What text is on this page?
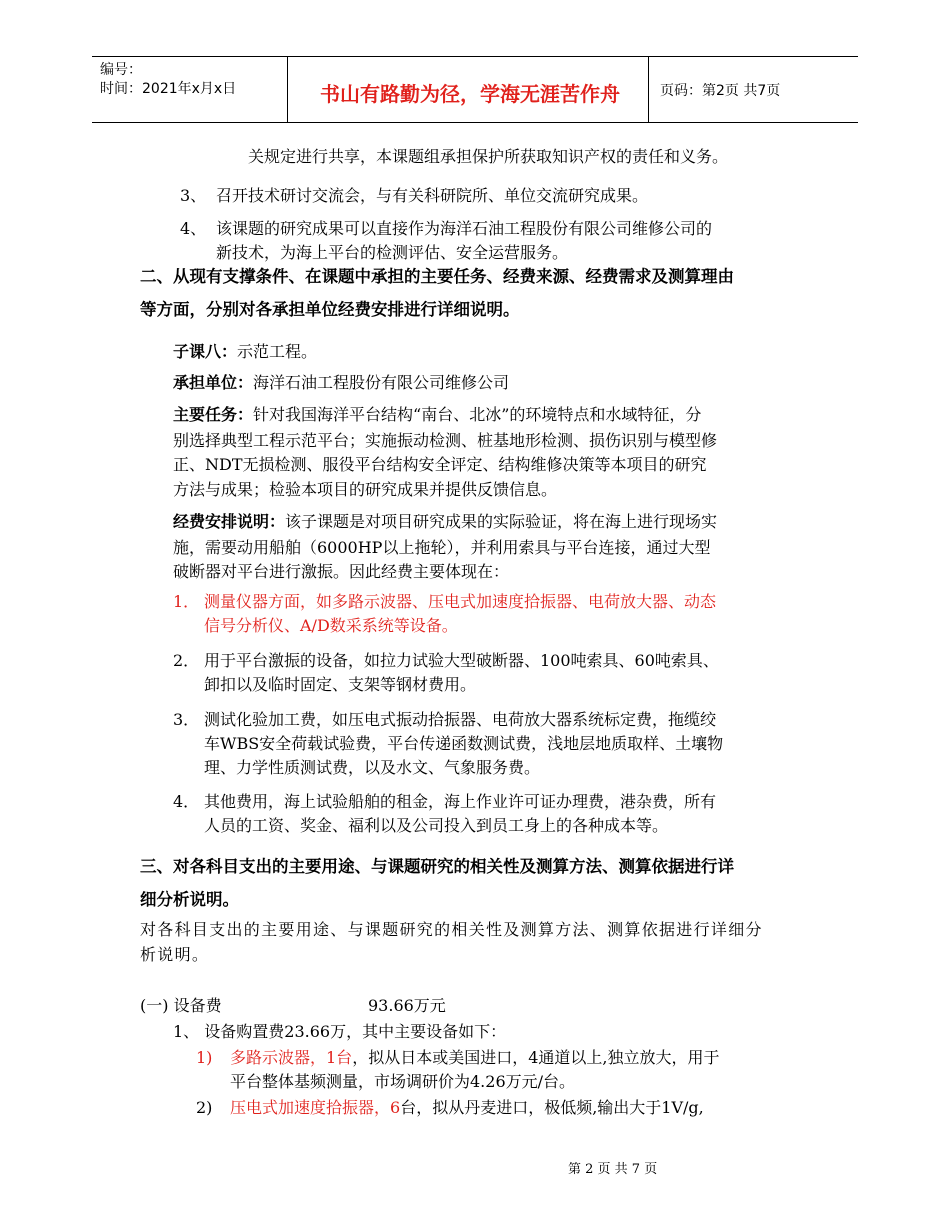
编号：
时间：2021年x月x日	书山有路勤为径，学海无涯苦作舟	页码：第2页 共7页
关规定进行共享，本课题组承担保护所获取知识产权的责任和义务。
3、 召开技术研讨交流会，与有关科研院所、单位交流研究成果。
4、 该课题的研究成果可以直接作为海洋石油工程股份有限公司维修公司的
新技术，为海上平台的检测评估、安全运营服务。
二、从现有支撑条件、在课题中承担的主要任务、经费来源、经费需求及测算理由
等方面，分别对各承担单位经费安排进行详细说明。
子课八：示范工程。
承担单位：海洋石油工程股份有限公司维修公司
主要任务：针对我国海洋平台结构“南台、北冰”的环境特点和水域特征，分
别选择典型工程示范平台；实施振动检测、桩基地形检测、损伤识别与模型修
正、NDT无损检测、服役平台结构安全评定、结构维修决策等本项目的研究
方法与成果；检验本项目的研究成果并提供反馈信息。
经费安排说明：该子课题是对项目研究成果的实际验证，将在海上进行现场实
施，需要动用船舶（6000HP以上拖轮），并利用索具与平台连接，通过大型
破断器对平台进行激振。因此经费主要体现在：
1． 测量仪器方面，如多路示波器、压电式加速度拾振器、电荷放大器、动态
信号分析仪、A/D数采系统等设备。
2． 用于平台激振的设备，如拉力试验大型破断器、100吨索具、60吨索具、
卸扣以及临时固定、支架等钢材费用。
3． 测试化验加工费，如压电式振动拾振器、电荷放大器系统标定费，拖缆绞
车WBS安全荷载试验费，平台传递函数测试费，浅地层地质取样、土壤物
理、力学性质测试费，以及水文、气象服务费。
4． 其他费用，海上试验船舶的租金，海上作业许可证办理费，港杂费，所有
人员的工资、奖金、福利以及公司投入到员工身上的各种成本等。
三、对各科目支出的主要用途、与课题研究的相关性及测算方法、测算依据进行详
细分析说明。
对各科目支出的主要用途、与课题研究的相关性及测算方法、测算依据进行详细分
析说明。
(一) 设备费	93.66万元
1、 设备购置费23.66万，其中主要设备如下：
1) 多路示波器，1台，拟从日本或美国进口，4通道以上,独立放大，用于
平台整体基频测量，市场调研价为4.26万元/台。
2) 压电式加速度拾振器，6台，拟从丹麦进口，极低频,输出大于1V/g,
第 2 页 共 7 页
